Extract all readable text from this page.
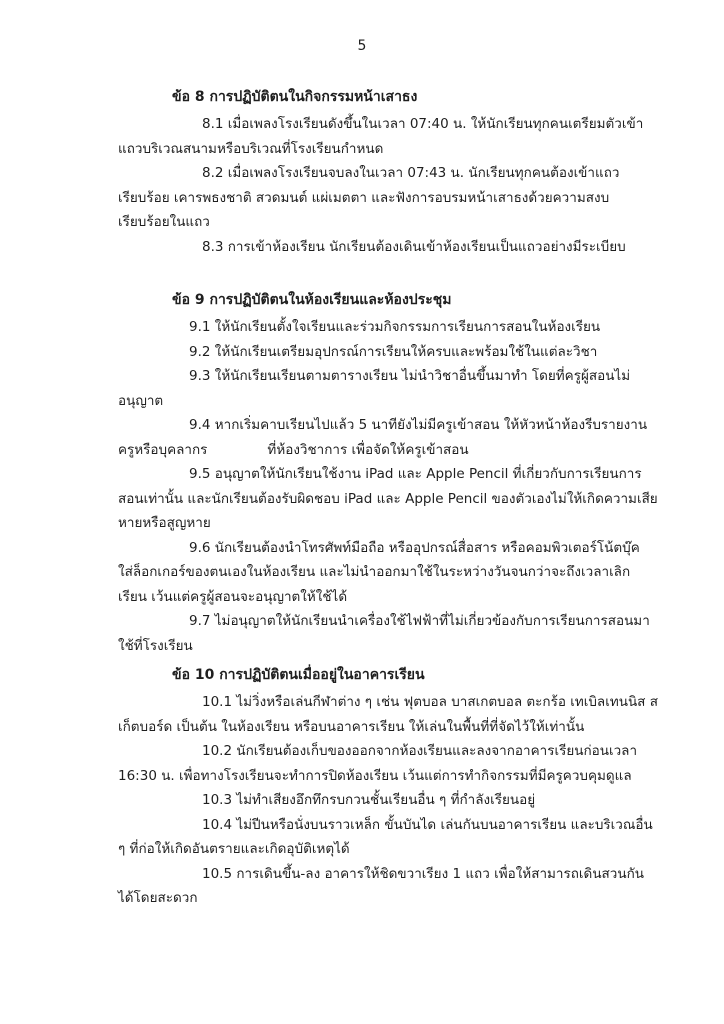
5
ข้อ 8 การปฏิบัติตนในกิจกรรมหน้าเสาธง

8.1 เมื่อเพลงโรงเรียนดังขึ้นในเวลา 07:40 น. ให้นักเรียนทุกคนเตรียมตัวเข้าแถวบริเวณสนามหรือบริเวณที่โรงเรียนกำหนด

8.2 เมื่อเพลงโรงเรียนจบลงในเวลา 07:43 น. นักเรียนทุกคนต้องเข้าแถวเรียบร้อย เคารพธงชาติ สวดมนต์ แผ่เมตตา และฟังการอบรมหน้าเสาธงด้วยความสงบเรียบร้อยในแถว

8.3 การเข้าห้องเรียน นักเรียนต้องเดินเข้าห้องเรียนเป็นแถวอย่างมีระเบียบ

ข้อ 9 การปฏิบัติตนในห้องเรียนและห้องประชุม

9.1 ให้นักเรียนตั้งใจเรียนและร่วมกิจกรรมการเรียนการสอนในห้องเรียน

9.2 ให้นักเรียนเตรียมอุปกรณ์การเรียนให้ครบและพร้อมใช้ในแต่ละวิชา

9.3 ให้นักเรียนเรียนตามตารางเรียน ไม่นำวิชาอื่นขึ้นมาทำ โดยที่ครูผู้สอนไม่อนุญาต

9.4 หากเริ่มคาบเรียนไปแล้ว 5 นาทียังไม่มีครูเข้าสอน ให้หัวหน้าห้องรีบรายงานครูหรือบุคลากร	ที่ห้องวิชาการ เพื่อจัดให้ครูเข้าสอน

9.5 อนุญาตให้นักเรียนใช้งาน iPad และ Apple Pencil ที่เกี่ยวกับการเรียนการสอนเท่านั้น และนักเรียนต้องรับผิดชอบ iPad และ Apple Pencil ของตัวเองไม่ให้เกิดความเสียหายหรือสูญหาย

9.6 นักเรียนต้องนำโทรศัพท์มือถือ หรืออุปกรณ์สื่อสาร หรือคอมพิวเตอร์โน้ตบุ๊ค ใส่ล็อกเกอร์ของตนเองในห้องเรียน และไม่นำออกมาใช้ในระหว่างวันจนกว่าจะถึงเวลาเลิกเรียน เว้นแต่ครูผู้สอนจะอนุญาตให้ใช้ได้

9.7 ไม่อนุญาตให้นักเรียนนำเครื่องใช้ไฟฟ้าที่ไม่เกี่ยวข้องกับการเรียนการสอนมาใช้ที่โรงเรียน

ข้อ 10 การปฏิบัติตนเมื่ออยู่ในอาคารเรียน

10.1 ไม่วิ่งหรือเล่นกีฬาต่าง ๆ เช่น ฟุตบอล บาสเกตบอล ตะกร้อ เทเบิลเทนนิส สเก็ตบอร์ด เป็นต้น ในห้องเรียน หรือบนอาคารเรียน ให้เล่นในพื้นที่ที่จัดไว้ให้เท่านั้น

10.2 นักเรียนต้องเก็บของออกจากห้องเรียนและลงจากอาคารเรียนก่อนเวลา 16:30 น. เพื่อทางโรงเรียนจะทำการปิดห้องเรียน เว้นแต่การทำกิจกรรมที่มีครูควบคุมดูแล

10.3 ไม่ทำเสียงอึกทึกรบกวนชั้นเรียนอื่น ๆ ที่กำลังเรียนอยู่

10.4 ไม่ปีนหรือนั่งบนราวเหล็ก ขั้นบันได เล่นกันบนอาคารเรียน และบริเวณอื่น ๆ ที่ก่อให้เกิดอันตรายและเกิดอุบัติเหตุได้

10.5 การเดินขึ้น-ลง อาคารให้ชิดขวาเรียง 1 แถว เพื่อให้สามารถเดินสวนกันได้โดยสะดวก
